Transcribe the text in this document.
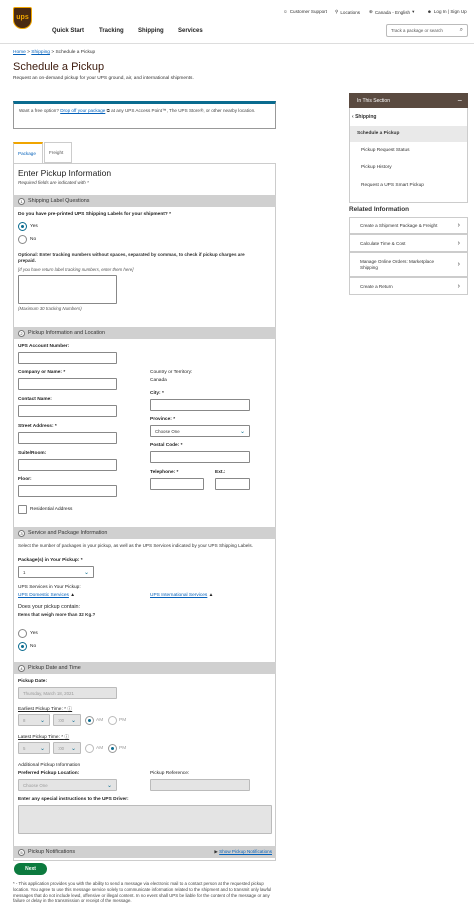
ups
☺ Customer Support ⚲ Locations ⊕ Canada - English ▾	☻ Log In | Sign Up
Quick Start Tracking Shipping Services	Track a package or search	⌕
Home > Shipping > Schedule a Pickup
Schedule a Pickup
Request an on-demand pickup for your UPS ground, air, and international shipments.
Want a free option? Drop off your package ⧉ at any UPS Access Point™, The UPS Store®, or other nearby location.
Package	Freight
Enter Pickup Information
Required fields are indicated with *
1 Shipping Label Questions
Do you have pre-printed UPS Shipping Labels for your shipment? *
Yes
No
Optional: Enter tracking numbers without spaces, separated by commas, to check if pickup charges are prepaid.
[If you have return label tracking numbers, enter them here]
(Maximum 30 tracking Numbers)
2 Pickup Information and Location
UPS Account Number:
Company or Name: *	Country or Territory:
Canada
City: *
Contact Name:
Province: *
Choose One	⌄
Street Address: *
Postal Code: *
Suite/Room:
Telephone: *	Ext.:
Floor:
Residential Address
3 Service and Package Information
Select the number of packages in your pickup, as well as the UPS Services indicated by your UPS Shipping Labels.
Package(s) in Your Pickup: *
1	⌄
UPS Services in Your Pickup:
UPS Domestic Services ▲	UPS International Services ▲
Does your pickup contain:
Items that weigh more than 32 Kg.?
Yes
No
4 Pickup Date and Time
Pickup Date:
Thursday, March 18, 2021
Earliest Pickup Time: * ⓘ
8 ⌄	:00 ⌄	AM	PM
Latest Pickup Time: * ⓘ
5 ⌄	:00 ⌄	AM	PM
Additional Pickup Information
Preferred Pickup Location:
Choose One	⌄
Pickup Reference:
Enter any special instructions to the UPS Driver:
5 Pickup Notifications	▶ Show Pickup Notifications
Next
* - This application provides you with the ability to send a message via electronic mail to a contact person at the requested pickup location. You agree to use this message service solely to communicate information related to the shipment and to transmit only lawful messages that do not include lewd, offensive or illegal content. In no event shall UPS be liable for the content of the message or any failure or delay in the transmission or receipt of the message.
In This Section	−
‹ Shipping
Schedule a Pickup
Pickup Request Status
Pickup History
Request a UPS Smart Pickup
Related Information
Create a Shipment Package & Freight	›
Calculate Time & Cost	›
Manage Online Orders: Marketplace Shipping	›
Create a Return	›
